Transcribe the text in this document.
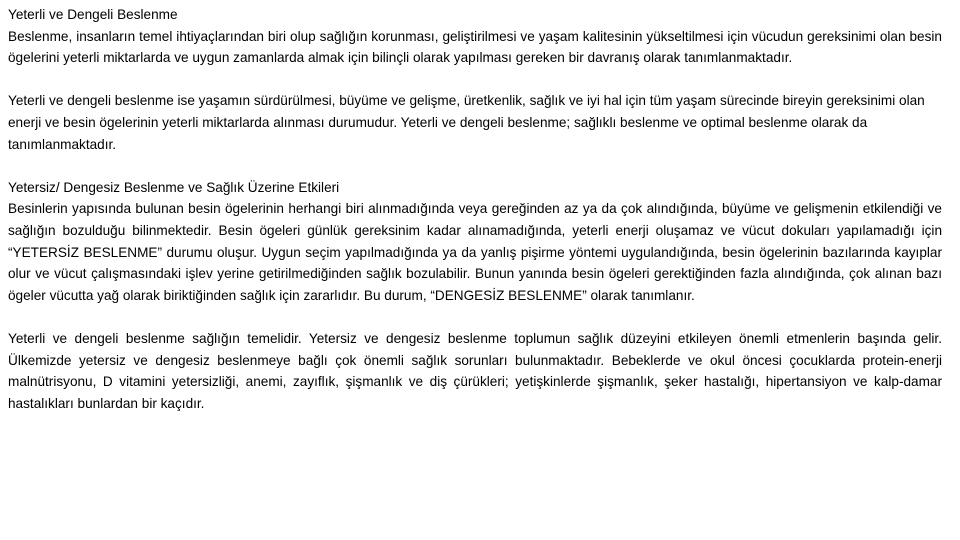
Yeterli ve Dengeli Beslenme

Beslenme, insanların temel ihtiyaçlarından biri olup sağlığın korunması, geliştirilmesi ve yaşam kalitesinin yükseltilmesi için vücudun gereksinimi olan besin ögelerini yeterli miktarlarda ve uygun zamanlarda almak için bilinçli olarak yapılması gereken bir davranış olarak tanımlanmaktadır.

Yeterli ve dengeli beslenme ise yaşamın sürdürülmesi, büyüme ve gelişme, üretkenlik, sağlık ve iyi hal için tüm yaşam sürecinde bireyin gereksinimi olan enerji ve besin ögelerinin yeterli miktarlarda alınması durumudur. Yeterli ve dengeli beslenme; sağlıklı beslenme ve optimal beslenme olarak da tanımlanmaktadır.

Yetersiz/ Dengesiz Beslenme ve Sağlık Üzerine Etkileri

Besinlerin yapısında bulunan besin ögelerinin herhangi biri alınmadığında veya gereğinden az ya da çok alındığında, büyüme ve gelişmenin etkilendiği ve sağlığın bozulduğu bilinmektedir. Besin ögeleri günlük gereksinim kadar alınamadığında, yeterli enerji oluşamaz ve vücut dokuları yapılamadığı için “YETERSİZ BESLENME” durumu oluşur. Uygun seçim yapılmadığında ya da yanlış pişirme yöntemi uygulandığında, besin ögelerinin bazılarında kayıplar olur ve vücut çalışmasındaki işlev yerine getirilmediğinden sağlık bozulabilir. Bunun yanında besin ögeleri gerektiğinden fazla alındığında, çok alınan bazı ögeler vücutta yağ olarak biriktiğinden sağlık için zararlıdır. Bu durum, “DENGESİZ BESLENME” olarak tanımlanır.

Yeterli ve dengeli beslenme sağlığın temelidir. Yetersiz ve dengesiz beslenme toplumun sağlık düzeyini etkileyen önemli etmenlerin başında gelir. Ülkemizde yetersiz ve dengesiz beslenmeye bağlı çok önemli sağlık sorunları bulunmaktadır. Bebeklerde ve okul öncesi çocuklarda protein-enerji malnütrisyonu, D vitamini yetersizliği, anemi, zayıflık, şişmanlık ve diş çürükleri; yetişkinlerde şişmanlık, şeker hastalığı, hipertansiyon ve kalp-damar hastalıkları bunlardan bir kaçıdır.
